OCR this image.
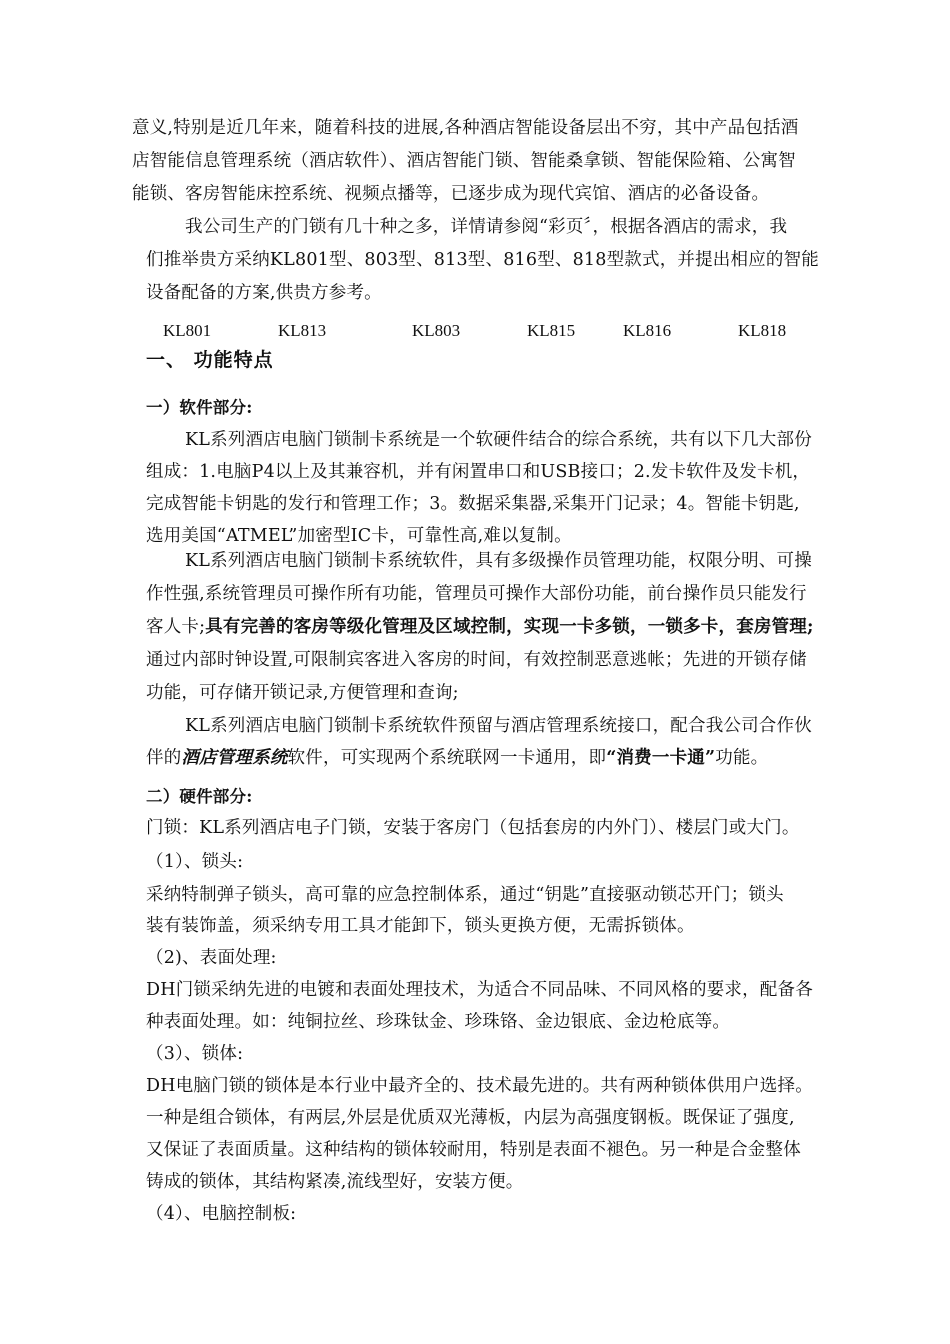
意义,特别是近几年来，随着科技的进展,各种酒店智能设备层出不穷，其中产品包括酒
店智能信息管理系统（酒店软件）、酒店智能门锁、智能桑拿锁、智能保险箱、公寓智
能锁、客房智能床控系统、视频点播等，已逐步成为现代宾馆、酒店的必备设备。
我公司生产的门锁有几十种之多，详情请参阅“彩页〞，根据各酒店的需求，我
们推举贵方采纳KL801型、803型、813型、816型、818型款式，并提出相应的智能
设备配备的方案,供贵方参考。
KL801	KL813	KL803	KL815	KL816	KL818
一、 功能特点
一）软件部分:
KL系列酒店电脑门锁制卡系统是一个软硬件结合的综合系统，共有以下几大部份
组成：1.电脑P4以上及其兼容机，并有闲置串口和USB接口；2.发卡软件及发卡机，
完成智能卡钥匙的发行和管理工作；3。数据采集器,采集开门记录；4。智能卡钥匙,
选用美国“ATMEL”加密型IC卡，可靠性高,难以复制。
KL系列酒店电脑门锁制卡系统软件，具有多级操作员管理功能，权限分明、可操
作性强,系统管理员可操作所有功能，管理员可操作大部份功能，前台操作员只能发行
客人卡;具有完善的客房等级化管理及区域控制，实现一卡多锁，一锁多卡，套房管理;
通过内部时钟设置,可限制宾客进入客房的时间，有效控制恶意逃帐；先进的开锁存储
功能，可存储开锁记录,方便管理和查询;
KL系列酒店电脑门锁制卡系统软件预留与酒店管理系统接口，配合我公司合作伙
伴的酒店管理系统软件，可实现两个系统联网一卡通用，即“消费一卡通”功能。
二）硬件部分:
门锁：KL系列酒店电子门锁，安装于客房门（包括套房的内外门）、楼层门或大门。
（1）、锁头:
采纳特制弹子锁头，高可靠的应急控制体系，通过“钥匙”直接驱动锁芯开门；锁头
装有装饰盖，须采纳专用工具才能卸下，锁头更换方便，无需拆锁体。
（2)、表面处理:
DH门锁采纳先进的电镀和表面处理技术，为适合不同品味、不同风格的要求，配备各
种表面处理。如：纯铜拉丝、珍珠钛金、珍珠铬、金边银底、金边枪底等。
（3）、锁体:
DH电脑门锁的锁体是本行业中最齐全的、技术最先进的。共有两种锁体供用户选择。
一种是组合锁体，有两层,外层是优质双光薄板，内层为高强度钢板。既保证了强度,
又保证了表面质量。这种结构的锁体较耐用，特别是表面不褪色。另一种是合金整体
铸成的锁体，其结构紧凑,流线型好，安装方便。
（4）、电脑控制板:
